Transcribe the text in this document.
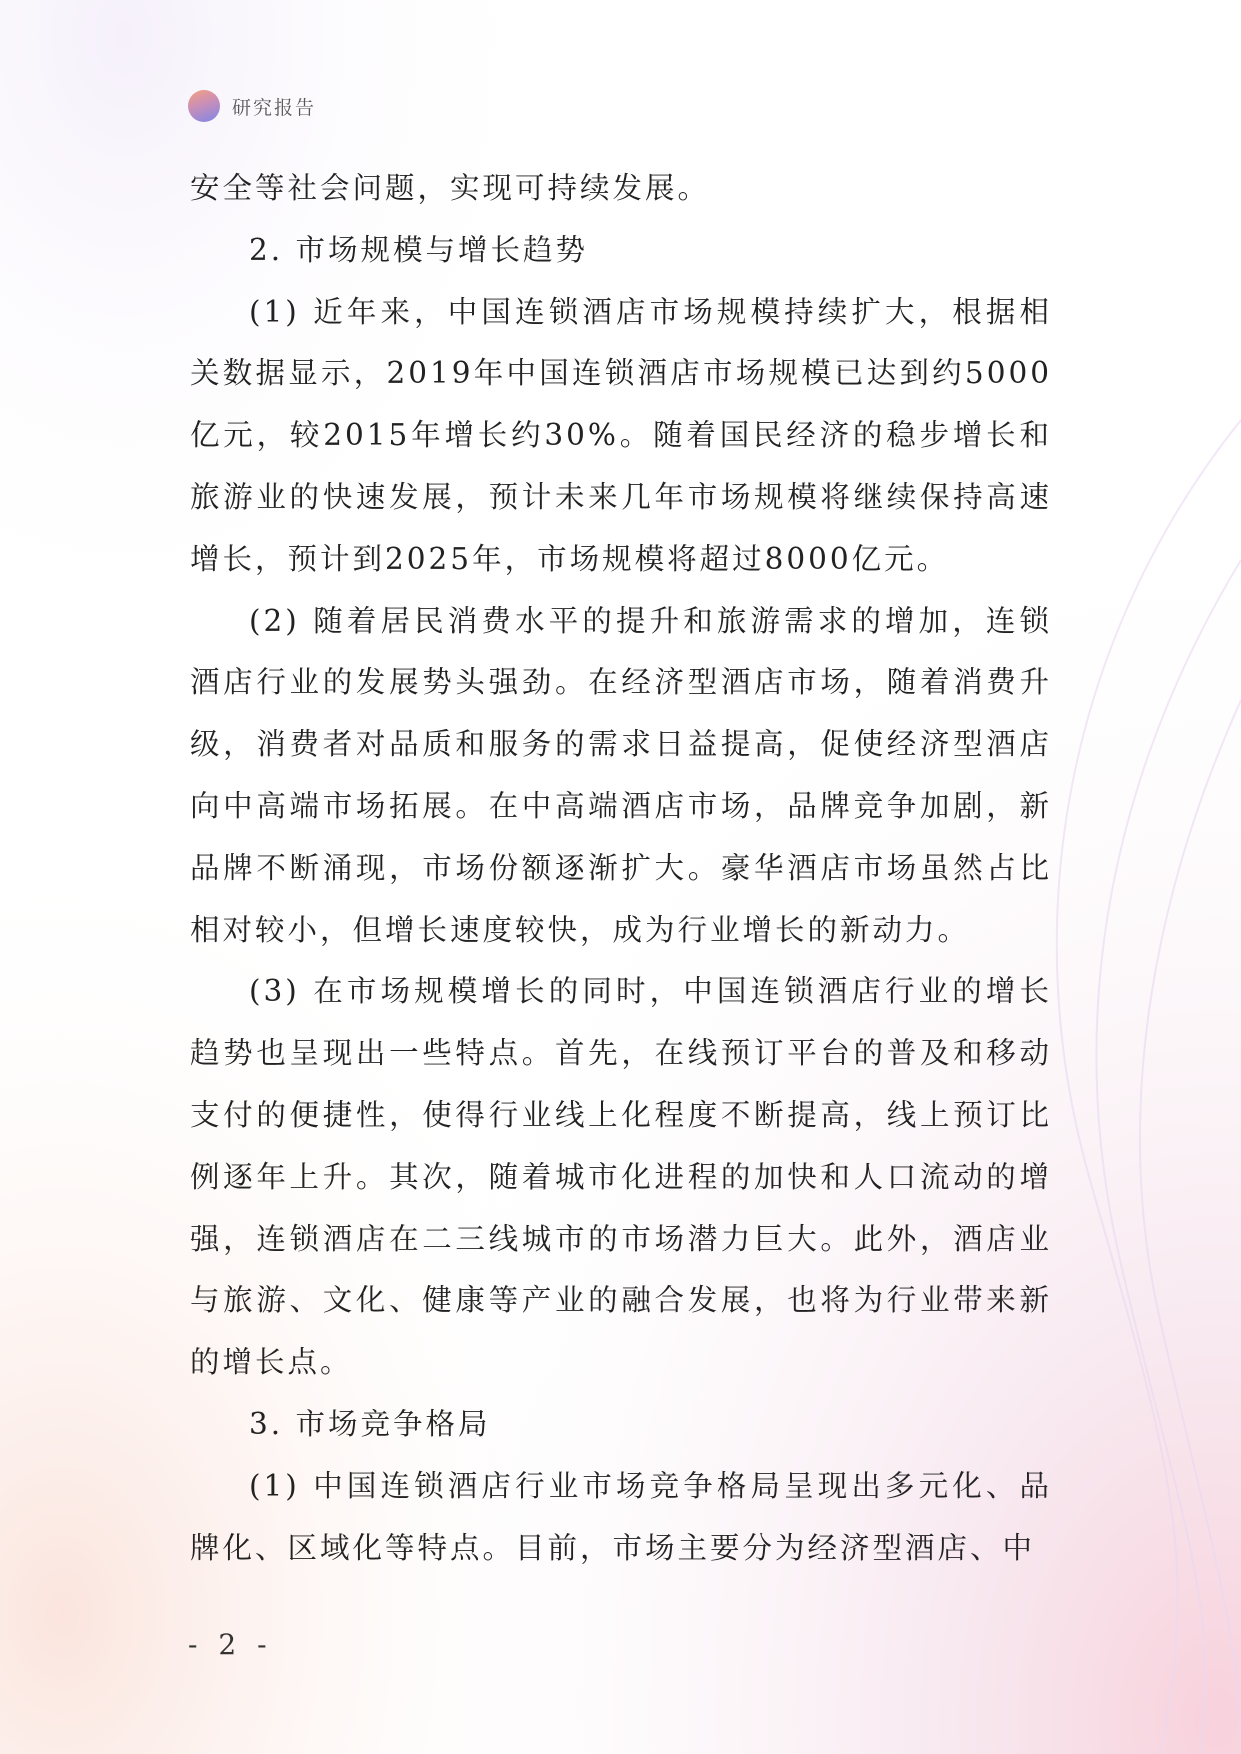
研究报告

安全等社会问题，实现可持续发展。

2. 市场规模与增长趋势

(1) 近年来，中国连锁酒店市场规模持续扩大，根据相关数据显示，2019年中国连锁酒店市场规模已达到约5000亿元，较2015年增长约30%。随着国民经济的稳步增长和旅游业的快速发展，预计未来几年市场规模将继续保持高速增长，预计到2025年，市场规模将超过8000亿元。

(2) 随着居民消费水平的提升和旅游需求的增加，连锁酒店行业的发展势头强劲。在经济型酒店市场，随着消费升级，消费者对品质和服务的需求日益提高，促使经济型酒店向中高端市场拓展。在中高端酒店市场，品牌竞争加剧，新品牌不断涌现，市场份额逐渐扩大。豪华酒店市场虽然占比相对较小，但增长速度较快，成为行业增长的新动力。

(3) 在市场规模增长的同时，中国连锁酒店行业的增长趋势也呈现出一些特点。首先，在线预订平台的普及和移动支付的便捷性，使得行业线上化程度不断提高，线上预订比例逐年上升。其次，随着城市化进程的加快和人口流动的增强，连锁酒店在二三线城市的市场潜力巨大。此外，酒店业与旅游、文化、健康等产业的融合发展，也将为行业带来新的增长点。

3. 市场竞争格局

(1) 中国连锁酒店行业市场竞争格局呈现出多元化、品牌化、区域化等特点。目前，市场主要分为经济型酒店、中

- 2 -
